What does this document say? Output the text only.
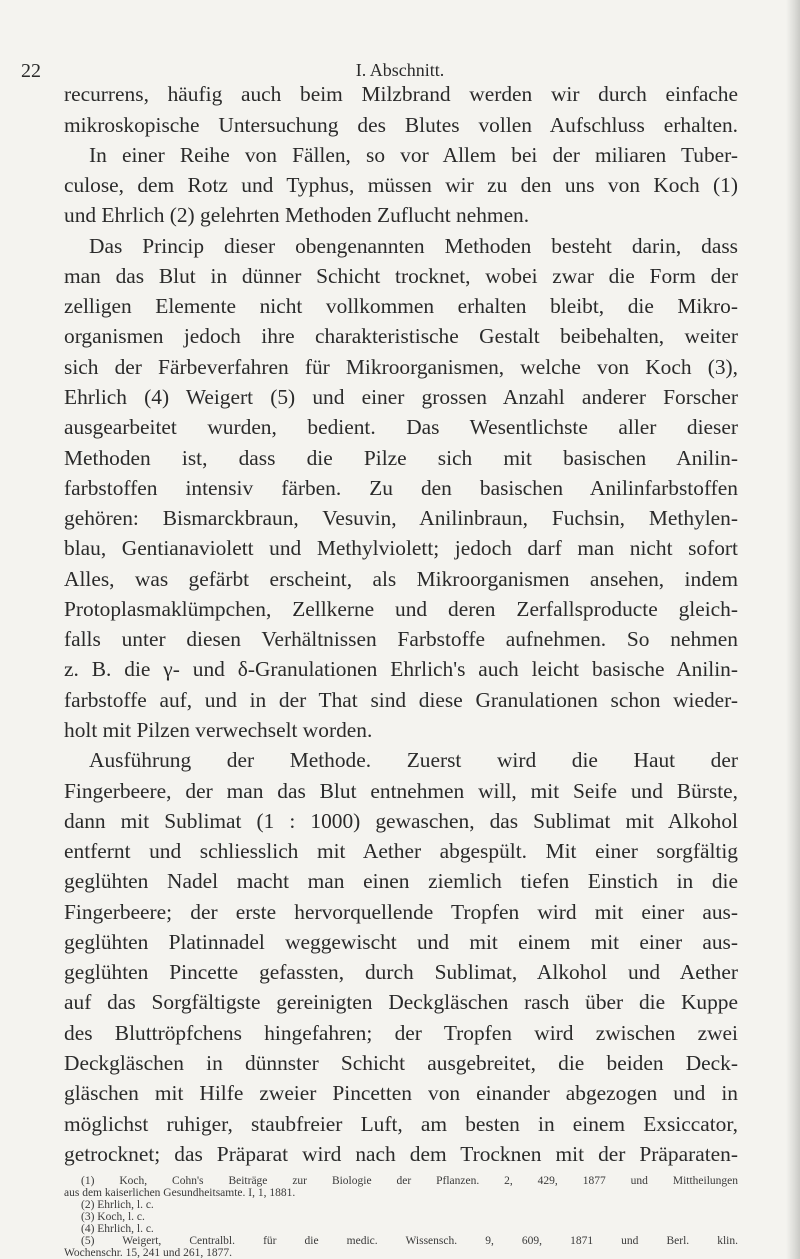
22	I. Abschnitt.
recurrens, häufig auch beim Milzbrand werden wir durch einfache
mikroskopische Untersuchung des Blutes vollen Aufschluss erhalten.
In einer Reihe von Fällen, so vor Allem bei der miliaren Tuber-
culose, dem Rotz und Typhus, müssen wir zu den uns von Koch (1)
und Ehrlich (2) gelehrten Methoden Zuflucht nehmen.
Das Princip dieser obengenannten Methoden besteht darin, dass
man das Blut in dünner Schicht trocknet, wobei zwar die Form der
zelligen Elemente nicht vollkommen erhalten bleibt, die Mikro-
organismen jedoch ihre charakteristische Gestalt beibehalten, weiter
sich der Färbeverfahren für Mikroorganismen, welche von Koch (3),
Ehrlich (4) Weigert (5) und einer grossen Anzahl anderer Forscher
ausgearbeitet wurden, bedient. Das Wesentlichste aller dieser
Methoden ist, dass die Pilze sich mit basischen Anilin-
farbstoffen intensiv färben. Zu den basischen Anilinfarbstoffen
gehören: Bismarckbraun, Vesuvin, Anilinbraun, Fuchsin, Methylen-
blau, Gentianaviolett und Methylviolett; jedoch darf man nicht sofort
Alles, was gefärbt erscheint, als Mikroorganismen ansehen, indem
Protoplasmaklümpchen, Zellkerne und deren Zerfallsproducte gleich-
falls unter diesen Verhältnissen Farbstoffe aufnehmen. So nehmen
z. B. die γ- und δ-Granulationen Ehrlich's auch leicht basische Anilin-
farbstoffe auf, und in der That sind diese Granulationen schon wieder-
holt mit Pilzen verwechselt worden.
Ausführung der Methode. Zuerst wird die Haut der
Fingerbeere, der man das Blut entnehmen will, mit Seife und Bürste,
dann mit Sublimat (1 : 1000) gewaschen, das Sublimat mit Alkohol
entfernt und schliesslich mit Aether abgespült. Mit einer sorgfältig
geglühten Nadel macht man einen ziemlich tiefen Einstich in die
Fingerbeere; der erste hervorquellende Tropfen wird mit einer aus-
geglühten Platinnadel weggewischt und mit einem mit einer aus-
geglühten Pincette gefassten, durch Sublimat, Alkohol und Aether
auf das Sorgfältigste gereinigten Deckgläschen rasch über die Kuppe
des Bluttröpfchens hingefahren; der Tropfen wird zwischen zwei
Deckgläschen in dünnster Schicht ausgebreitet, die beiden Deck-
gläschen mit Hilfe zweier Pincetten von einander abgezogen und in
möglichst ruhiger, staubfreier Luft, am besten in einem Exsiccator,
getrocknet; das Präparat wird nach dem Trocknen mit der Präparaten-
(1) Koch, Cohn's Beiträge zur Biologie der Pflanzen. 2, 429, 1877 und Mittheilungen
aus dem kaiserlichen Gesundheitsamte. I, 1, 1881.
(2) Ehrlich, l. c.
(3) Koch, l. c.
(4) Ehrlich, l. c.
(5) Weigert, Centralbl. für die medic. Wissensch. 9, 609, 1871 und Berl. klin.
Wochenschr. 15, 241 und 261, 1877.
